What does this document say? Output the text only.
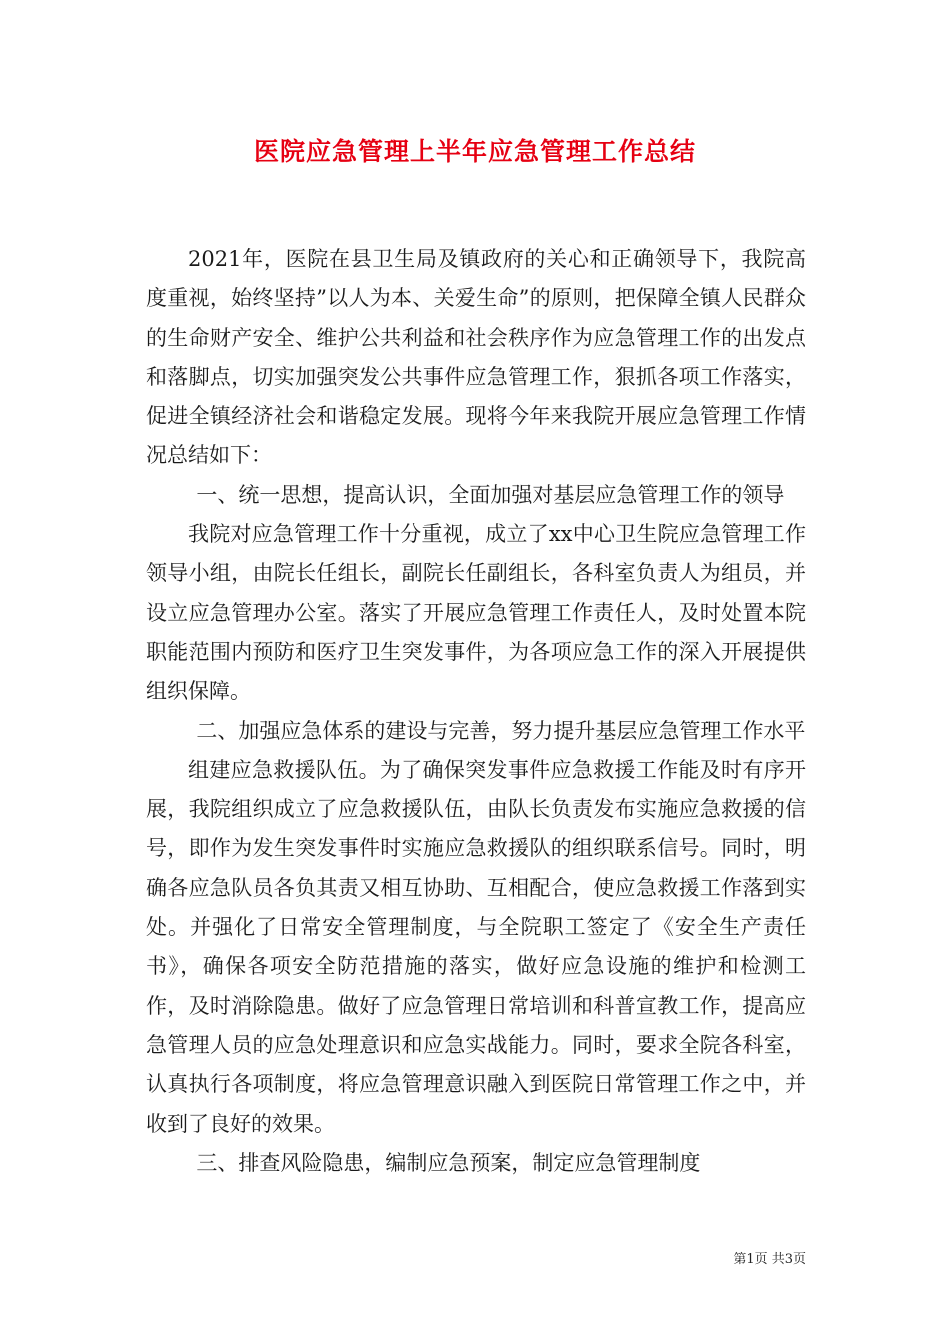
医院应急管理上半年应急管理工作总结

2021年，医院在县卫生局及镇政府的关心和正确领导下，我院高度重视，始终坚持”以人为本、关爱生命”的原则，把保障全镇人民群众的生命财产安全、维护公共利益和社会秩序作为应急管理工作的出发点和落脚点，切实加强突发公共事件应急管理工作，狠抓各项工作落实，促进全镇经济社会和谐稳定发展。现将今年来我院开展应急管理工作情况总结如下：

一、统一思想，提高认识，全面加强对基层应急管理工作的领导

我院对应急管理工作十分重视，成立了xx中心卫生院应急管理工作领导小组，由院长任组长，副院长任副组长，各科室负责人为组员，并设立应急管理办公室。落实了开展应急管理工作责任人，及时处置本院职能范围内预防和医疗卫生突发事件，为各项应急工作的深入开展提供组织保障。

二、加强应急体系的建设与完善，努力提升基层应急管理工作水平

组建应急救援队伍。为了确保突发事件应急救援工作能及时有序开展，我院组织成立了应急救援队伍，由队长负责发布实施应急救援的信号，即作为发生突发事件时实施应急救援队的组织联系信号。同时，明确各应急队员各负其责又相互协助、互相配合，使应急救援工作落到实处。并强化了日常安全管理制度，与全院职工签定了《安全生产责任书》，确保各项安全防范措施的落实，做好应急设施的维护和检测工作，及时消除隐患。做好了应急管理日常培训和科普宣教工作，提高应急管理人员的应急处理意识和应急实战能力。同时，要求全院各科室，认真执行各项制度，将应急管理意识融入到医院日常管理工作之中，并收到了良好的效果。

三、排查风险隐患，编制应急预案，制定应急管理制度

第1页 共3页
